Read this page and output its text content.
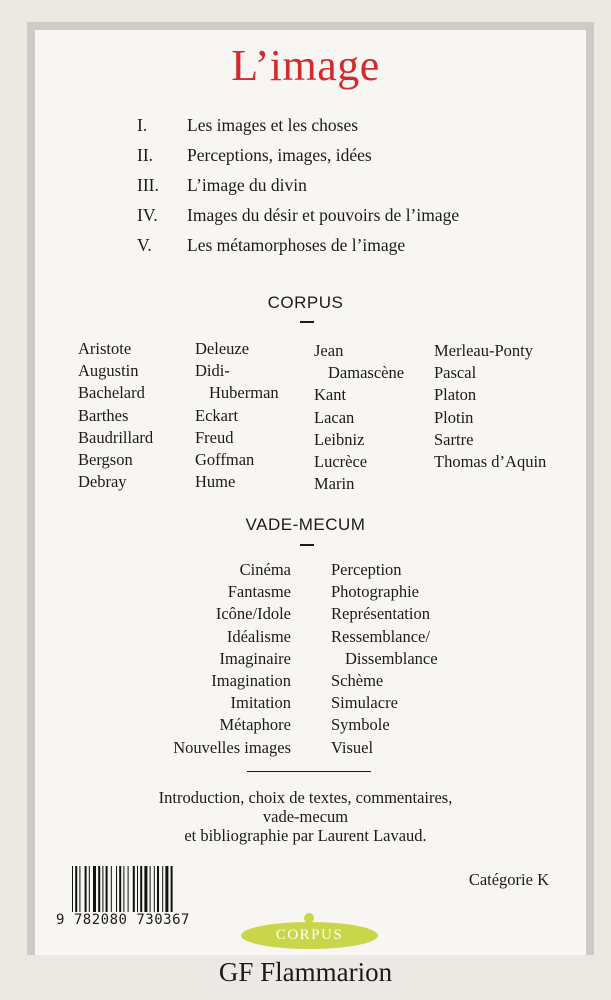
L’image
I. Les images et les choses
II. Perceptions, images, idées
III. L’image du divin
IV. Images du désir et pouvoirs de l’image
V. Les métamorphoses de l’image
CORPUS
Aristote
Augustin
Bachelard
Barthes
Baudrillard
Bergson
Debray
Deleuze
Didi-
Huberman
Eckart
Freud
Goffman
Hume
Jean
Damascène
Kant
Lacan
Leibniz
Lucrèce
Marin
Merleau-Ponty
Pascal
Platon
Plotin
Sartre
Thomas d’Aquin
VADE-MECUM
Cinéma
Fantasme
Icône/Idole
Idéalisme
Imaginaire
Imagination
Imitation
Métaphore
Nouvelles images
Perception
Photographie
Représentation
Ressemblance/
Dissemblance
Schème
Simulacre
Symbole
Visuel
Introduction, choix de textes, commentaires,
vade-mecum
et bibliographie par Laurent Lavaud.
9 782080 730367
Catégorie K
CORPUS
GF Flammarion
